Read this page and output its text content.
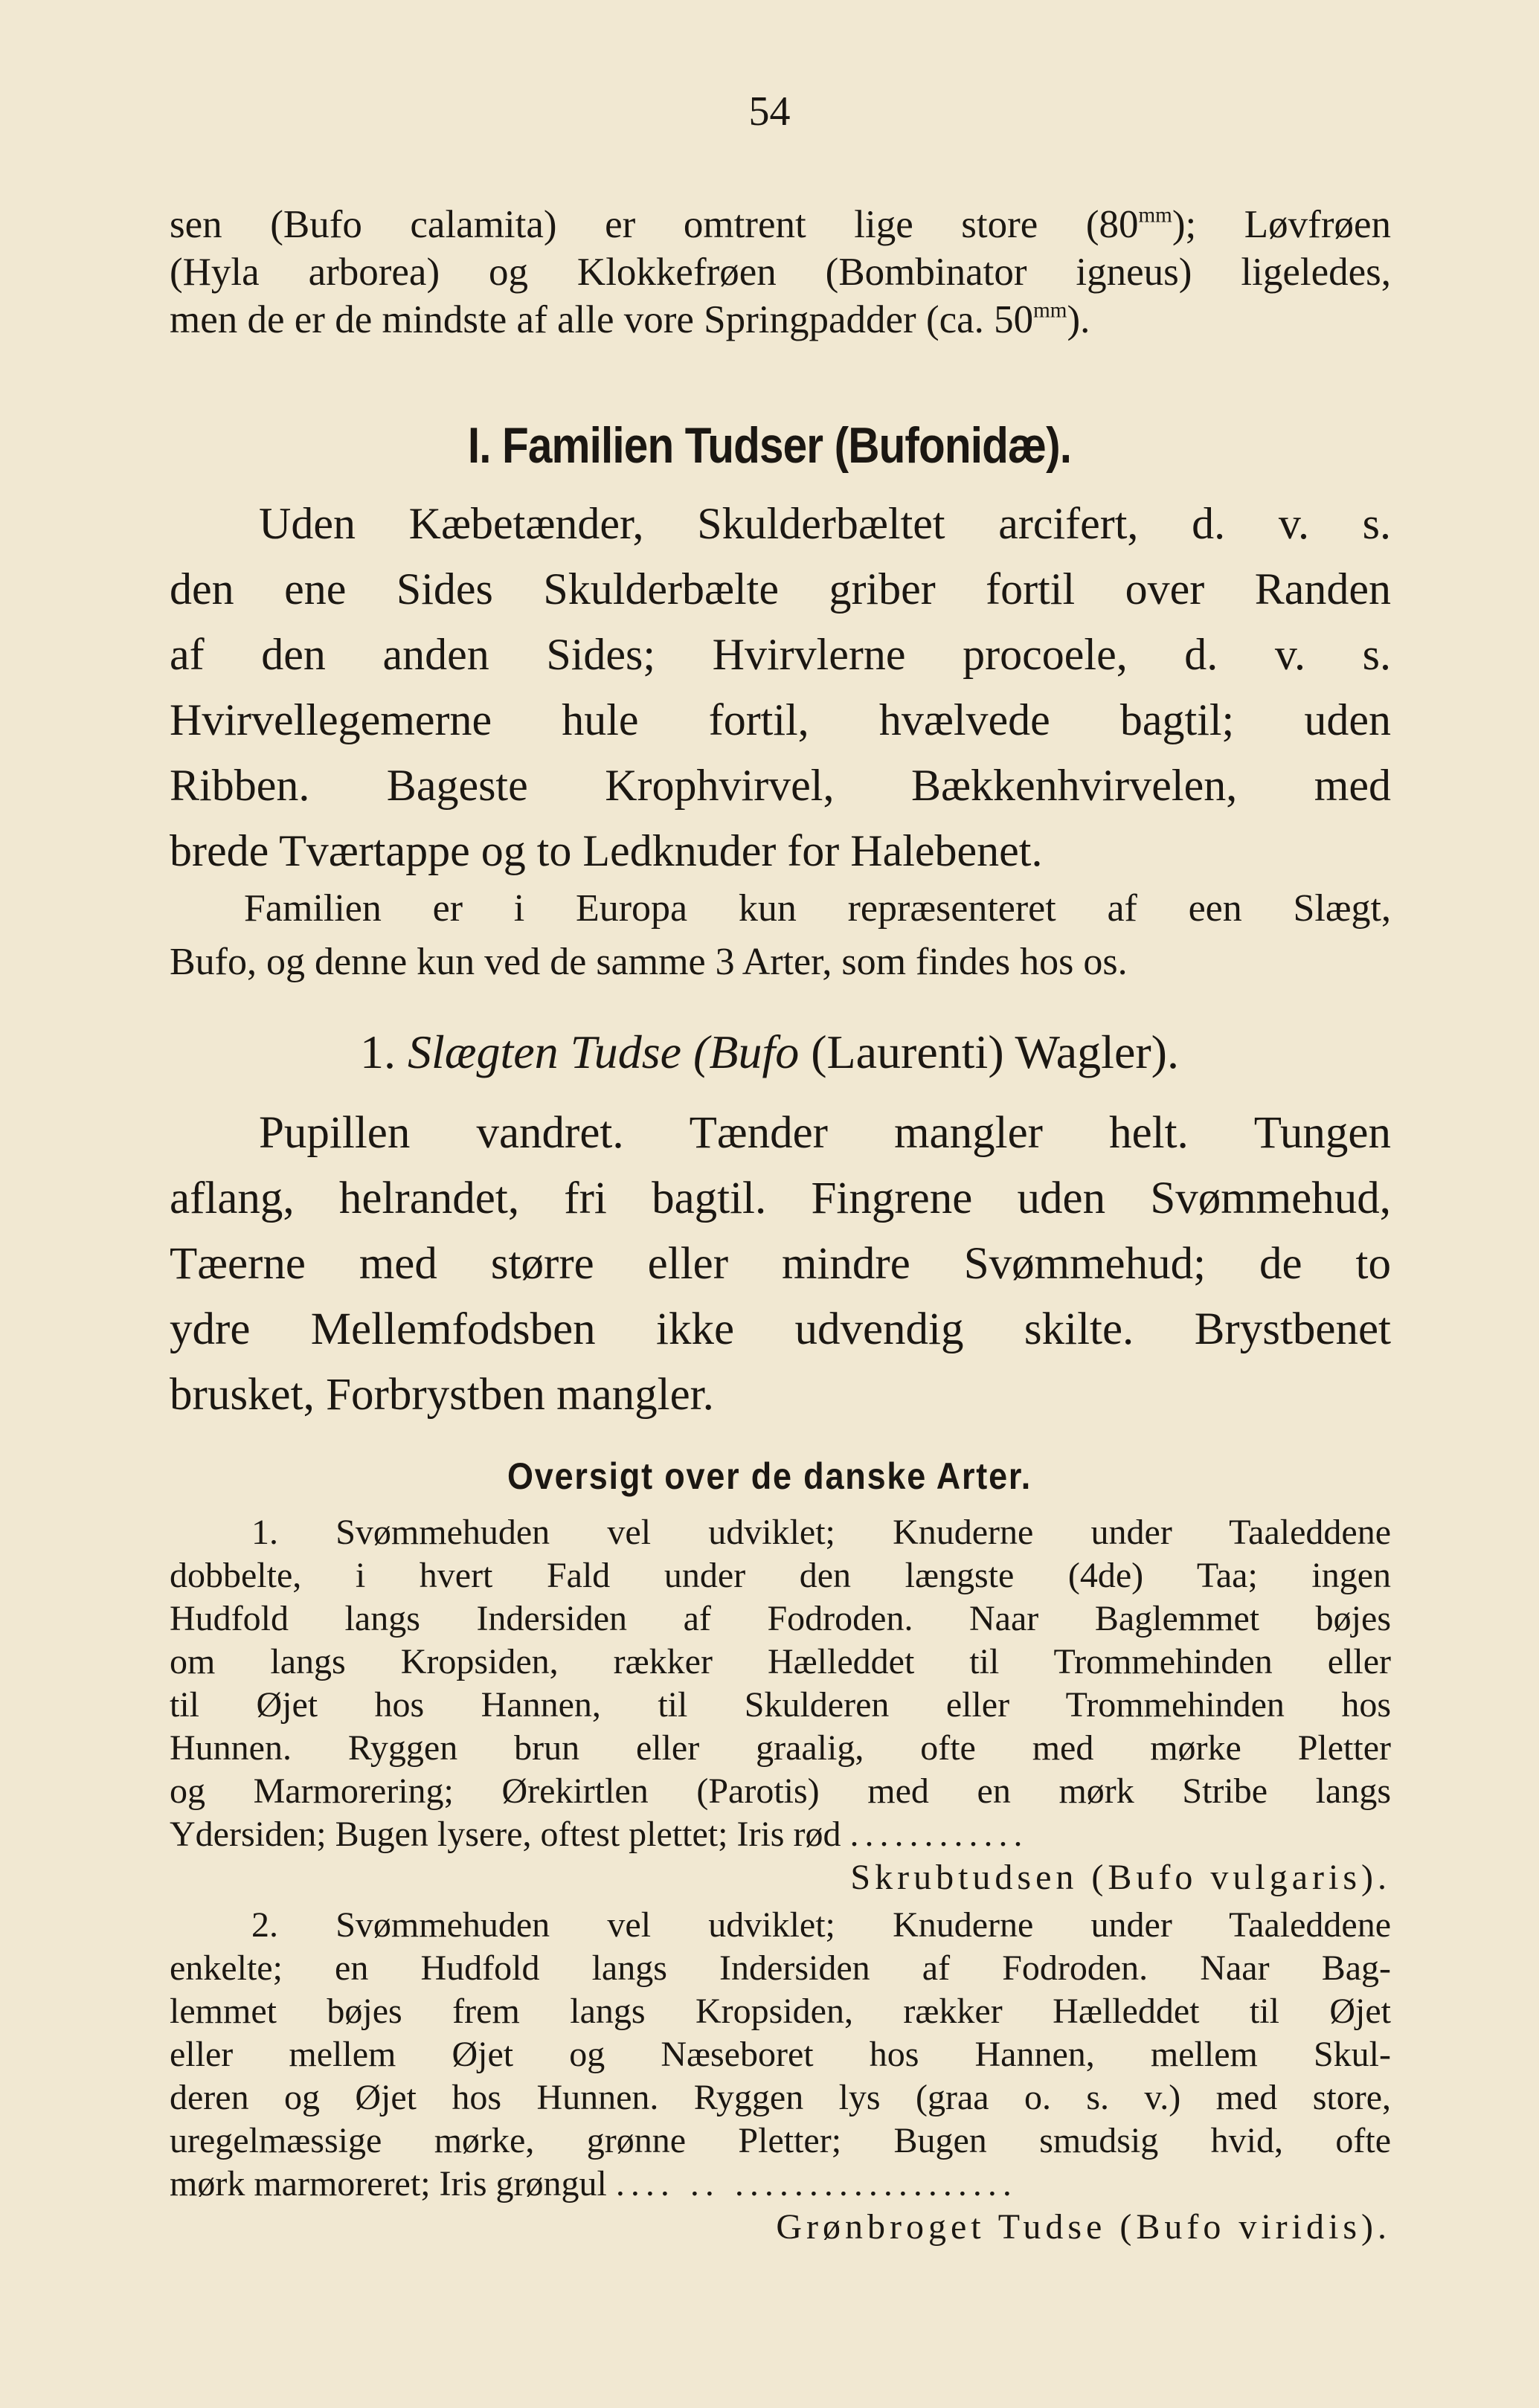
54
sen (Bufo calamita) er omtrent lige store $(80^{mm})$; Løvfrøen
(Hyla arborea) og Klokkefrøen (Bombinator igneus) ligeledes,
men de er de mindste af alle vore Springpadder (ca. $50^{mm}$).
I. Familien Tudser (Bufonidæ).
Uden Kæbetænder, Skulderbæltet arcifert, d. v. s.
den ene Sides Skulderbælte griber fortil over Randen
af den anden Sides; Hvirvlerne procoele, d. v. s.
Hvirvellegemerne hule fortil, hvælvede bagtil; uden
Ribben. Bageste Krophvirvel, Bækkenhvirvelen, med
brede Tværtappe og to Ledknuder for Halebenet.
Familien er i Europa kun repræsenteret af een Slægt,
Bufo, og denne kun ved de samme 3 Arter, som findes hos os.
1. Slægten Tudse (Bufo (Laurenti) Wagler).
Pupillen vandret. Tænder mangler helt. Tungen
aflang, helrandet, fri bagtil. Fingrene uden Svømmehud,
Tæerne med større eller mindre Svømmehud; de to
ydre Mellemfodsben ikke udvendig skilte. Brystbenet
brusket, Forbrystben mangler.
Oversigt over de danske Arter.
1. Svømmehuden vel udviklet; Knuderne under Taaleddene
dobbelte, i hvert Fald under den længste (4de) Taa; ingen
Hudfold langs Indersiden af Fodroden. Naar Baglemmet bøjes
om langs Kropsiden, rækker Hælleddet til Trommehinden eller
til Øjet hos Hannen, til Skulderen eller Trommehinden hos
Hunnen. Ryggen brun eller graalig, ofte med mørke Pletter
og Marmorering; Ørekirtlen (Parotis) med en mørk Stribe langs
Ydersiden; Bugen lysere, oftest plettet; Iris rød ............
Skrubtudsen (Bufo vulgaris).
2. Svømmehuden vel udviklet; Knuderne under Taaleddene
enkelte; en Hudfold langs Indersiden af Fodroden. Naar Bag-
lemmet bøjes frem langs Kropsiden, rækker Hælleddet til Øjet
eller mellem Øjet og Næseboret hos Hannen, mellem Skul-
deren og Øjet hos Hunnen. Ryggen lys (graa o. s. v.) med store,
uregelmæssige mørke, grønne Pletter; Bugen smudsig hvid, ofte
mørk marmoreret; Iris grøngul .... .. ...................
Grønbroget Tudse (Bufo viridis).
